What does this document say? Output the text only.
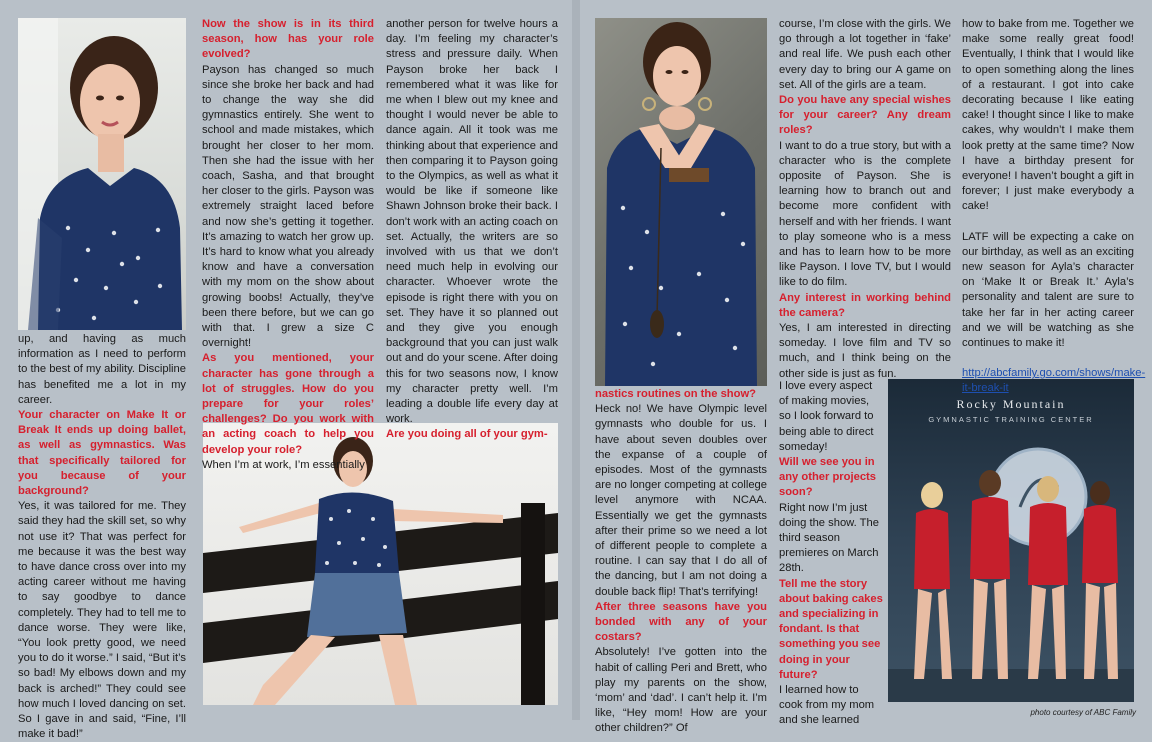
Rocky Mountain
GYMNASTIC TRAINING CENTER

up, and having as much information as I need to perform to the best of my ability. Discipline has benefited me a lot in my career.

Your character on Make It or Break It ends up doing ballet, as well as gymnastics. Was that specifically tailored for you because of your background?

Yes, it was tailored for me. They said they had the skill set, so why not use it? That was perfect for me because it was the best way to have dance cross over into my acting career without me having to say goodbye to dance completely. They had to tell me to dance worse. They were like, “You look pretty good, we need you to do it worse.” I said, “But it’s so bad! My elbows down and my back is arched!” They could see how much I loved dancing on set. So I gave in and said, “Fine, I’ll make it bad!”

Now the show is in its third season, how has your role evolved?

Payson has changed so much since she broke her back and had to change the way she did gymnastics entirely. She went to school and made mistakes, which brought her closer to her mom. Then she had the issue with her coach, Sasha, and that brought her closer to the girls. Payson was extremely straight laced before and now she’s getting it together. It’s amazing to watch her grow up. It’s hard to know what you already know and have a conversation with my mom on the show about growing boobs! Actually, they’ve been there before, but we can go with that. I grew a size C overnight!

As you mentioned, your character has gone through a lot of struggles. How do you prepare for your roles’ challenges? Do you work with an acting coach to help you develop your role?

When I’m at work, I’m essentially

another person for twelve hours a day. I’m feeling my character’s stress and pressure daily. When Payson broke her back I remembered what it was like for me when I blew out my knee and thought I would never be able to dance again. All it took was me thinking about that experience and then comparing it to Payson going to the Olympics, as well as what it would be like if someone like Shawn Johnson broke their back. I don’t work with an acting coach on set. Actually, the writers are so involved with us that we don’t need much help in evolving our character. Whoever wrote the episode is right there with you on set. They have it so planned out and they give you enough background that you can just walk out and do your scene. After doing this for two seasons now, I know my character pretty well. I’m leading a double life every day at work.

Are you doing all of your gym-

nastics routines on the show?

Heck no! We have Olympic level gymnasts who double for us. I have about seven doubles over the expanse of a couple of episodes. Most of the gymnasts are no longer competing at college level anymore with NCAA. Essentially we get the gymnasts after their prime so we need a lot of different people to complete a routine. I can say that I do all of the dancing, but I am not doing a double back flip! That’s terrifying!

After three seasons have you bonded with any of your costars?

Absolutely! I’ve gotten into the habit of calling Peri and Brett, who play my parents on the show, ‘mom’ and ‘dad’. I can’t help it. I’m like, “Hey mom! How are your other children?” Of

course, I’m close with the girls. We go through a lot together in ‘fake’ and real life. We push each other every day to bring our A game on set. All of the girls are a team.

Do you have any special wishes for your career? Any dream roles?

I want to do a true story, but with a character who is the complete opposite of Payson. She is learning how to branch out and become more confident with herself and with her friends. I want to play someone who is a mess and has to learn how to be more like Payson. I love TV, but I would like to do film.

Any interest in working behind the camera?

Yes, I am interested in directing someday. I love film and TV so much, and I think being on the other side is just as fun.

I love every aspect of making movies, so I look forward to being able to direct someday!

Will we see you in any other projects soon?

Right now I’m just doing the show. The third season premieres on March 28th.

Tell me the story about baking cakes and specializing in fondant. Is that something you see doing in your future?

I learned how to cook from my mom and she learned

how to bake from me. Together we make some really great food! Eventually, I think that I would like to open something along the lines of a restaurant. I got into cake decorating because I like eating cake! I thought since I like to make cakes, why wouldn’t I make them look pretty at the same time? Now I have a birthday present for everyone! I haven’t bought a gift in forever; I just make everybody a cake!

LATF will be expecting a cake on our birthday, as well as an exciting new season for Ayla’s character on ‘Make It or Break It.’ Ayla’s personality and talent are sure to take her far in her acting career and we will be watching as she continues to make it!

http://abcfamily.go.com/shows/make-it-break-it

photo courtesy of ABC Family
